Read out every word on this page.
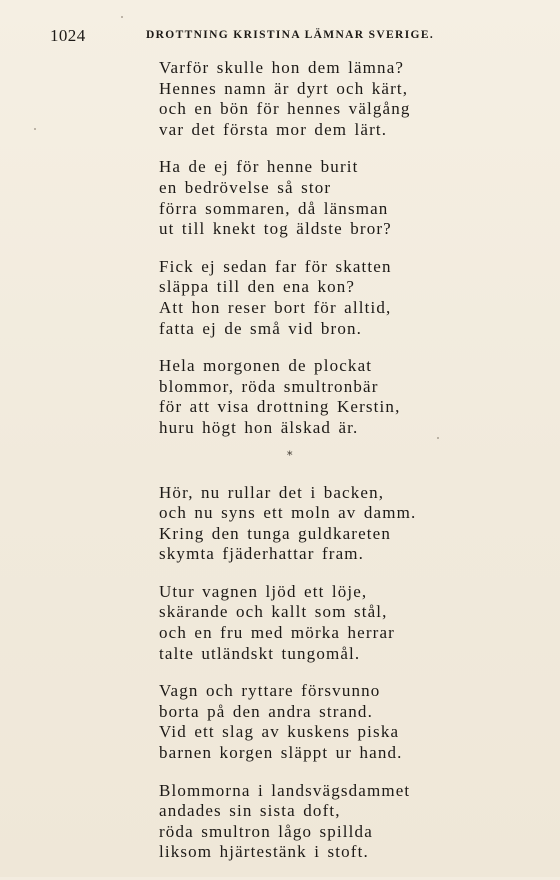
1024	DROTTNING KRISTINA LÄMNAR SVERIGE.
Varför skulle hon dem lämna?
Hennes namn är dyrt och kärt,
och en bön för hennes välgång
var det första mor dem lärt.
Ha de ej för henne burit
en bedrövelse så stor
förra sommaren, då länsman
ut till knekt tog äldste bror?
Fick ej sedan far för skatten
släppa till den ena kon?
Att hon reser bort för alltid,
fatta ej de små vid bron.
Hela morgonen de plockat
blommor, röda smultronbär
för att visa drottning Kerstin,
huru högt hon älskad är.
*
Hör, nu rullar det i backen,
och nu syns ett moln av damm.
Kring den tunga guldkareten
skymta fjäderhattar fram.
Utur vagnen ljöd ett löje,
skärande och kallt som stål,
och en fru med mörka herrar
talte utländskt tungomål.
Vagn och ryttare försvunno
borta på den andra strand.
Vid ett slag av kuskens piska
barnen korgen släppt ur hand.
Blommorna i landsvägsdammet
andades sin sista doft,
röda smultron lågo spillda
liksom hjärtestänk i stoft.
